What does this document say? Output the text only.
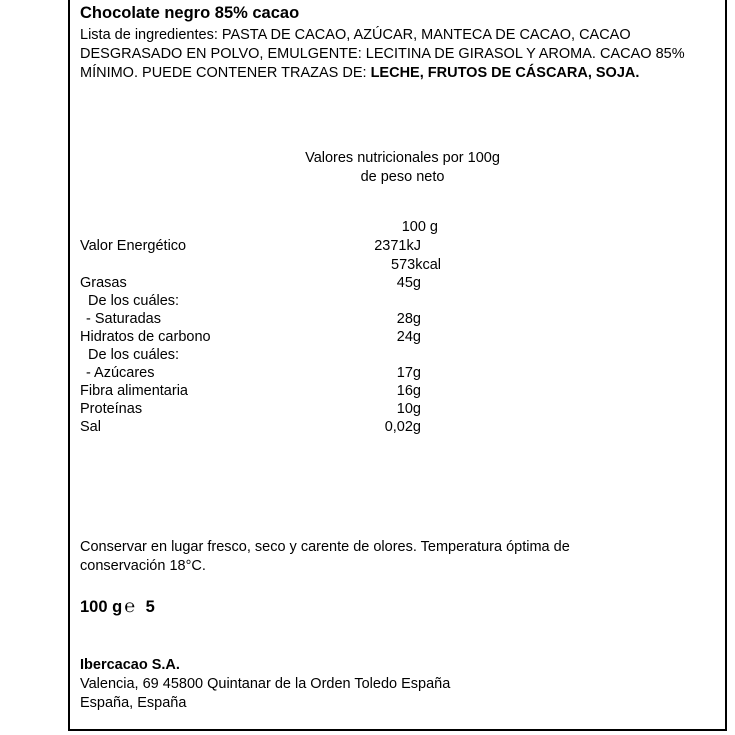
Chocolate negro 85% cacao
Lista de ingredientes: PASTA DE CACAO, AZÚCAR, MANTECA DE CACAO, CACAO DESGRASADO EN POLVO, EMULGENTE: LECITINA DE GIRASOL Y AROMA. CACAO 85% MÍNIMO. PUEDE CONTENER TRAZAS DE: LECHE, FRUTOS DE CÁSCARA, SOJA.
Valores nutricionales por 100g de peso neto
100 g
Valor Energético	2371kJ
573kcal
Grasas	45g
De los cuáles:
- Saturadas	28g
Hidratos de carbono	24g
De los cuáles:
- Azúcares	17g
Fibra alimentaria	16g
Proteínas	10g
Sal	0,02g
Conservar en lugar fresco, seco y carente de olores. Temperatura óptima de conservación 18°C.
100 g ℮ 5
Ibercacao S.A.
Valencia, 69 45800 Quintanar de la Orden Toledo España
España, España
